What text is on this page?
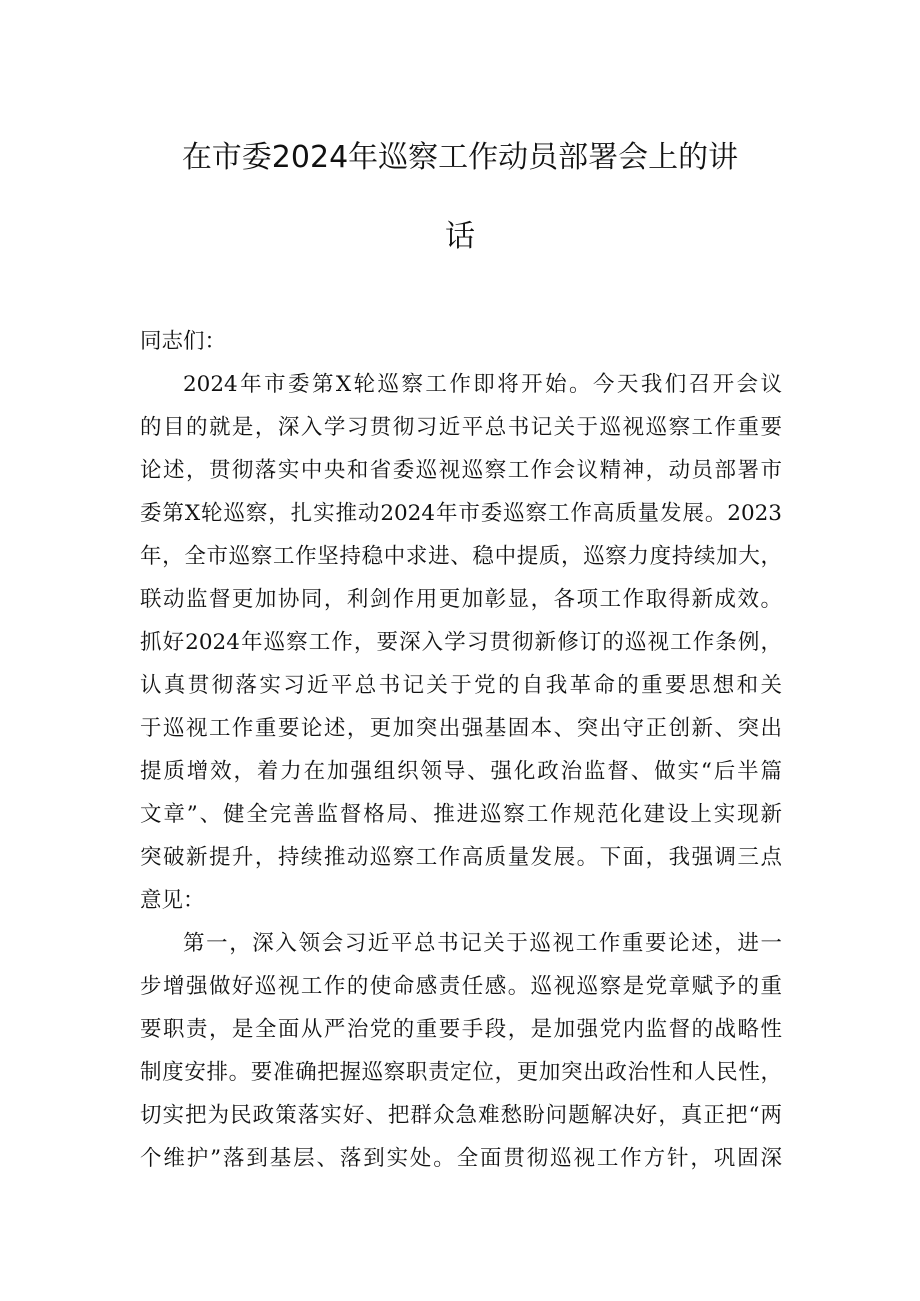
在市委2024年巡察工作动员部署会上的讲
话
同志们：
2024年市委第X轮巡察工作即将开始。今天我们召开会议
的目的就是，深入学习贯彻习近平总书记关于巡视巡察工作重要
论述，贯彻落实中央和省委巡视巡察工作会议精神，动员部署市
委第X轮巡察，扎实推动2024年市委巡察工作高质量发展。2023
年，全市巡察工作坚持稳中求进、稳中提质，巡察力度持续加大，
联动监督更加协同，利剑作用更加彰显，各项工作取得新成效。
抓好2024年巡察工作，要深入学习贯彻新修订的巡视工作条例，
认真贯彻落实习近平总书记关于党的自我革命的重要思想和关
于巡视工作重要论述，更加突出强基固本、突出守正创新、突出
提质增效，着力在加强组织领导、强化政治监督、做实“后半篇
文章”、健全完善监督格局、推进巡察工作规范化建设上实现新
突破新提升，持续推动巡察工作高质量发展。下面，我强调三点
意见：
第一，深入领会习近平总书记关于巡视工作重要论述，进一
步增强做好巡视工作的使命感责任感。巡视巡察是党章赋予的重
要职责，是全面从严治党的重要手段，是加强党内监督的战略性
制度安排。要准确把握巡察职责定位，更加突出政治性和人民性，
切实把为民政策落实好、把群众急难愁盼问题解决好，真正把“两
个维护”落到基层、落到实处。全面贯彻巡视工作方针，巩固深
